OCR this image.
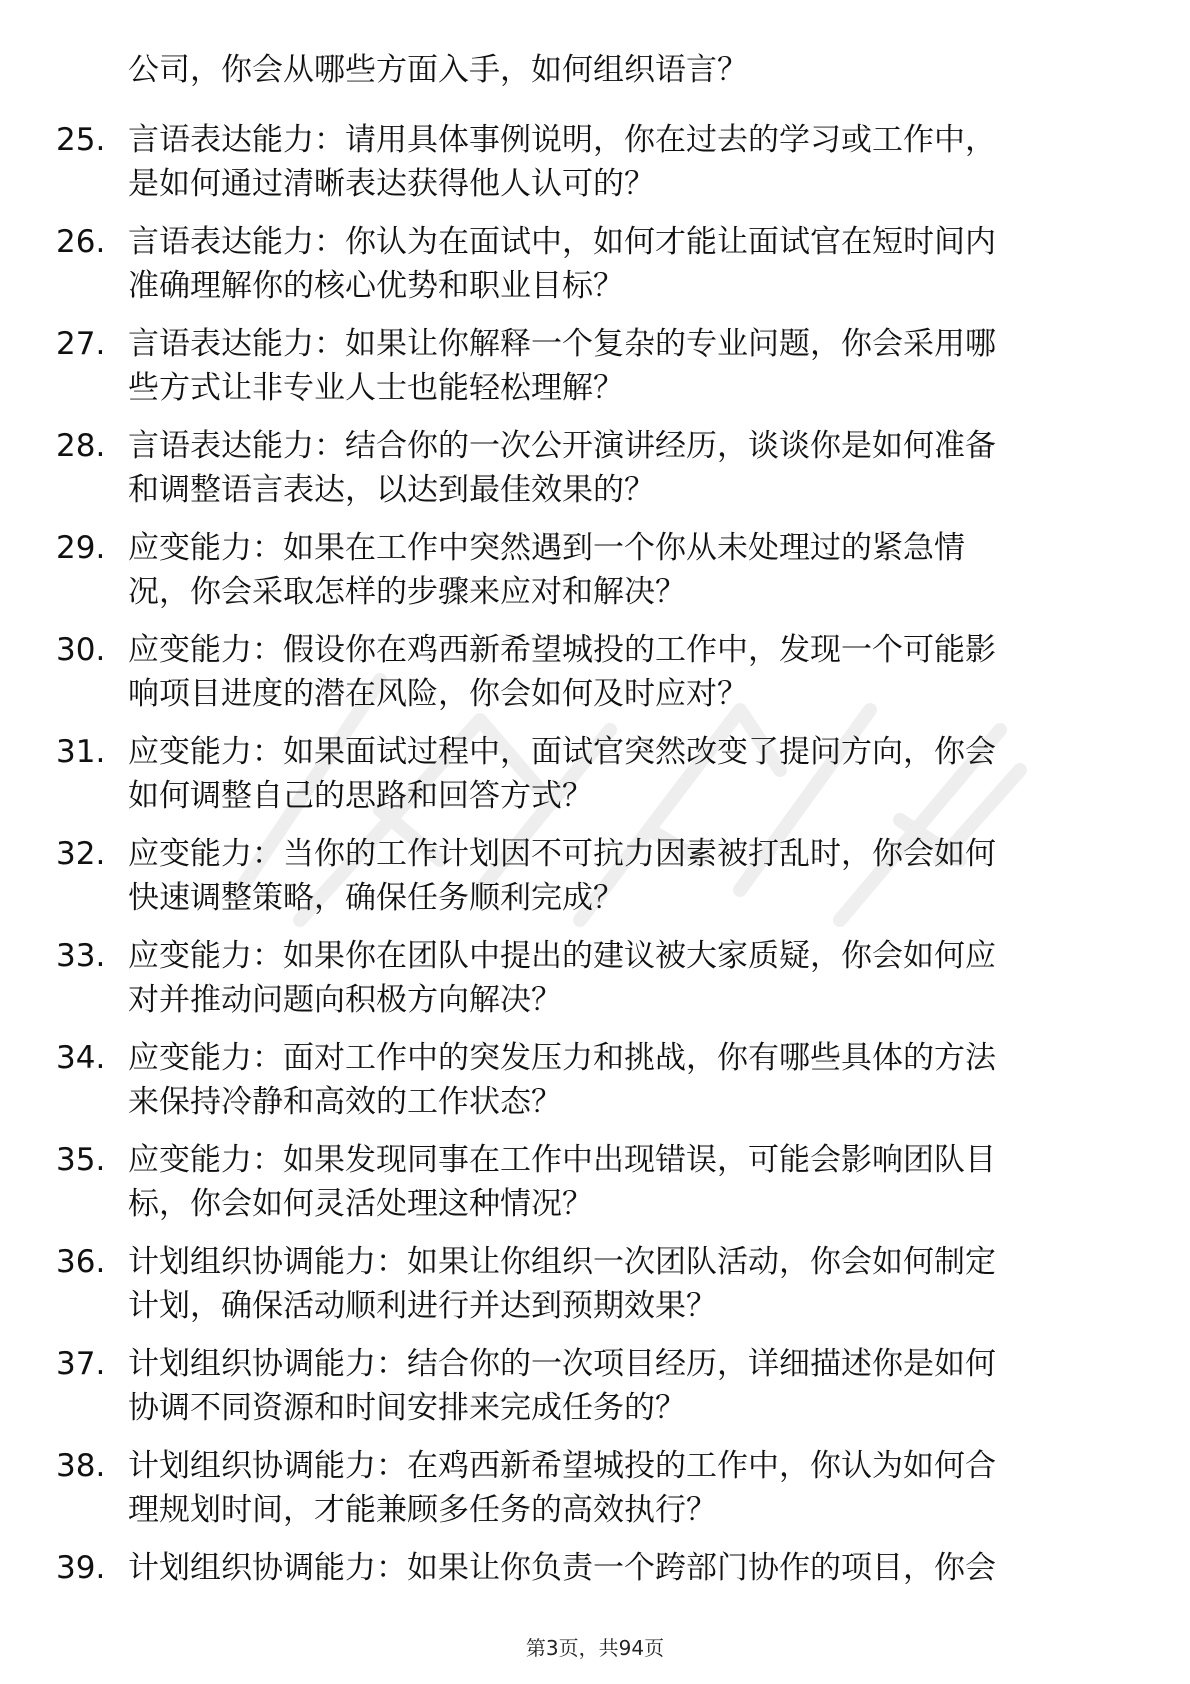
公司，你会从哪些方面入手，如何组织语言？

25. 言语表达能力：请用具体事例说明，你在过去的学习或工作中，
是如何通过清晰表达获得他人认可的？

26. 言语表达能力：你认为在面试中，如何才能让面试官在短时间内
准确理解你的核心优势和职业目标？

27. 言语表达能力：如果让你解释一个复杂的专业问题，你会采用哪
些方式让非专业人士也能轻松理解？

28. 言语表达能力：结合你的一次公开演讲经历，谈谈你是如何准备
和调整语言表达，以达到最佳效果的？

29. 应变能力：如果在工作中突然遇到一个你从未处理过的紧急情
况，你会采取怎样的步骤来应对和解决？

30. 应变能力：假设你在鸡西新希望城投的工作中，发现一个可能影
响项目进度的潜在风险，你会如何及时应对？

31. 应变能力：如果面试过程中，面试官突然改变了提问方向，你会
如何调整自己的思路和回答方式？

32. 应变能力：当你的工作计划因不可抗力因素被打乱时，你会如何
快速调整策略，确保任务顺利完成？

33. 应变能力：如果你在团队中提出的建议被大家质疑，你会如何应
对并推动问题向积极方向解决？

34. 应变能力：面对工作中的突发压力和挑战，你有哪些具体的方法
来保持冷静和高效的工作状态？

35. 应变能力：如果发现同事在工作中出现错误，可能会影响团队目
标，你会如何灵活处理这种情况？

36. 计划组织协调能力：如果让你组织一次团队活动，你会如何制定
计划，确保活动顺利进行并达到预期效果？

37. 计划组织协调能力：结合你的一次项目经历，详细描述你是如何
协调不同资源和时间安排来完成任务的？

38. 计划组织协调能力：在鸡西新希望城投的工作中，你认为如何合
理规划时间，才能兼顾多任务的高效执行？

39. 计划组织协调能力：如果让你负责一个跨部门协作的项目，你会

第3页，共94页
